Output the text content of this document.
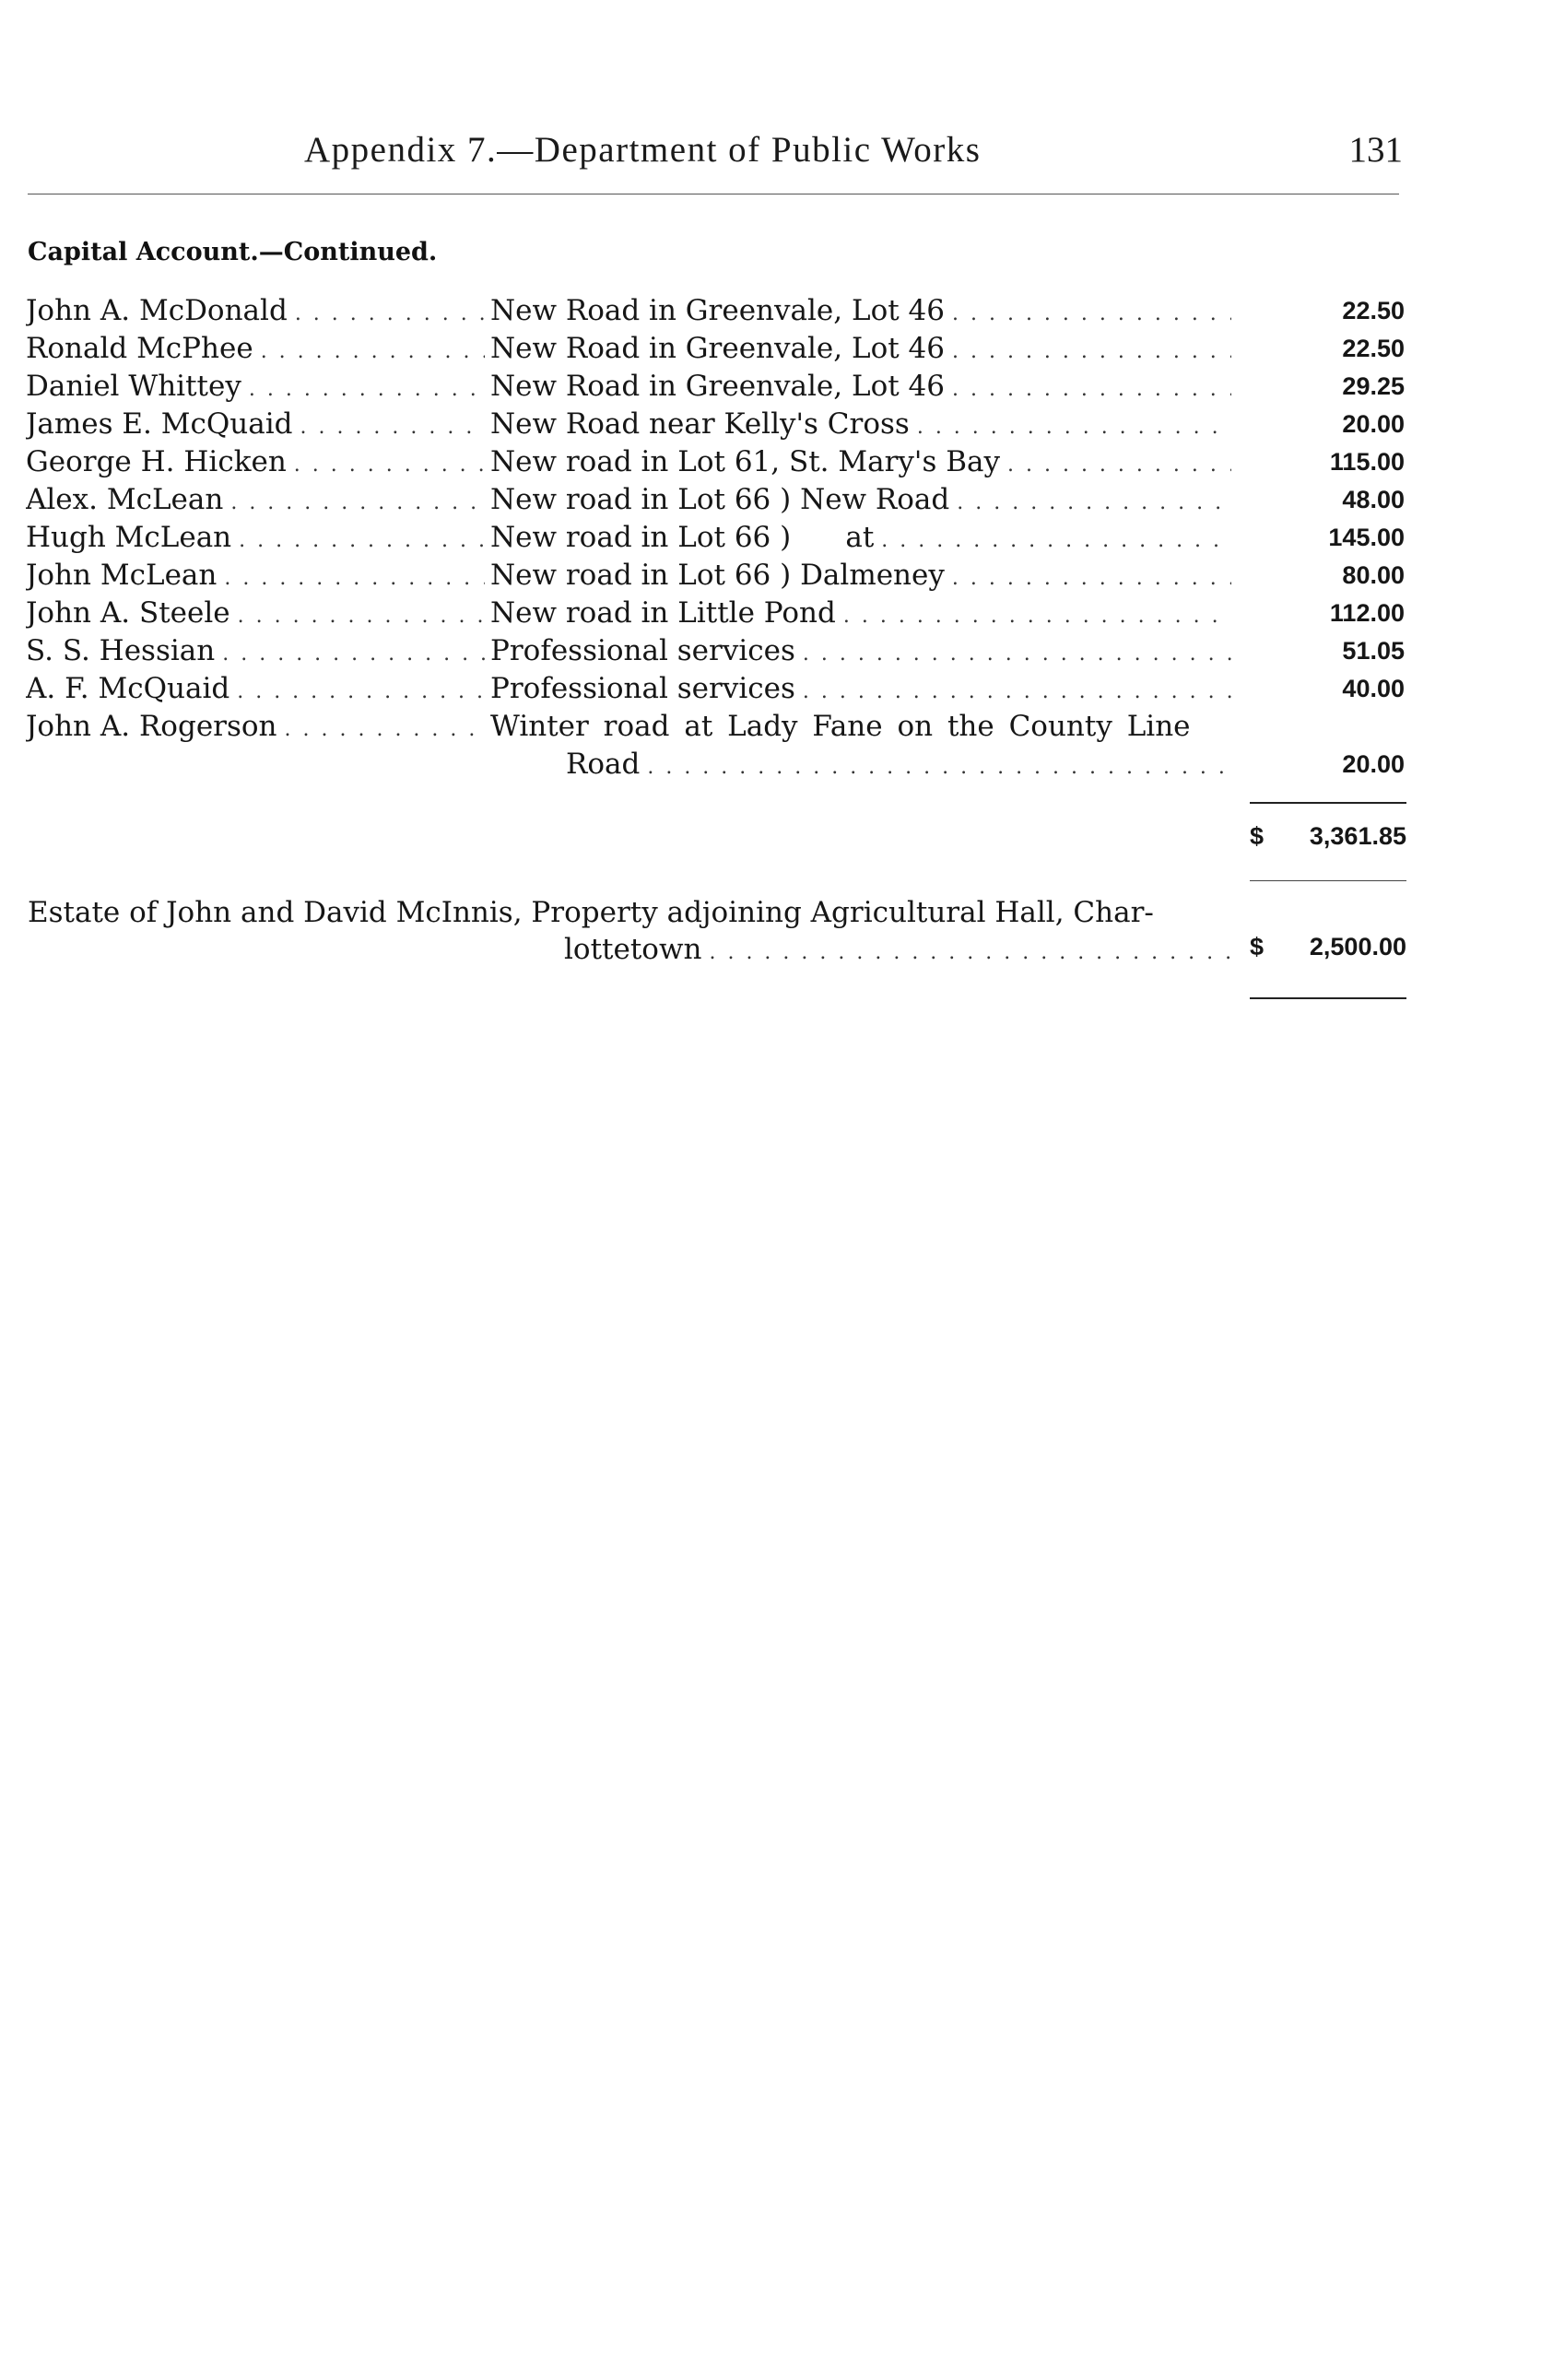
Appendix 7.—Department of Public Works	131
Capital Account.—Continued.
John A. McDonald . . .	New Road in Greenvale, Lot 46 . . .	22.50
Ronald McPhee . . .	New Road in Greenvale, Lot 46 . . .	22.50
Daniel Whittey . . .	New Road in Greenvale, Lot 46 . . .	29.25
James E. McQuaid . . .	New Road near Kelly's Cross . . .	20.00
George H. Hicken . . .	New road in Lot 61, St. Mary's Bay . . .	115.00
Alex. McLean . . .	New road in Lot 66 ) New Road . . .	48.00
Hugh McLean . . .	New road in Lot 66 )      at . . .	145.00
John McLean . . .	New road in Lot 66 ) Dalmeney . . .	80.00
John A. Steele . . .	New road in Little Pond . . .	112.00
S. S. Hessian . . .	Professional services . . .	51.05
A. F. McQuaid . . .	Professional services . . .	40.00
John A. Rogerson . . .	Winter road at Lady Fane on the County Line
Road . . .	20.00
$ 3,361.85
Estate of John and David McInnis, Property adjoining Agricultural Hall, Char-
lottetown . . .	$ 2,500.00
